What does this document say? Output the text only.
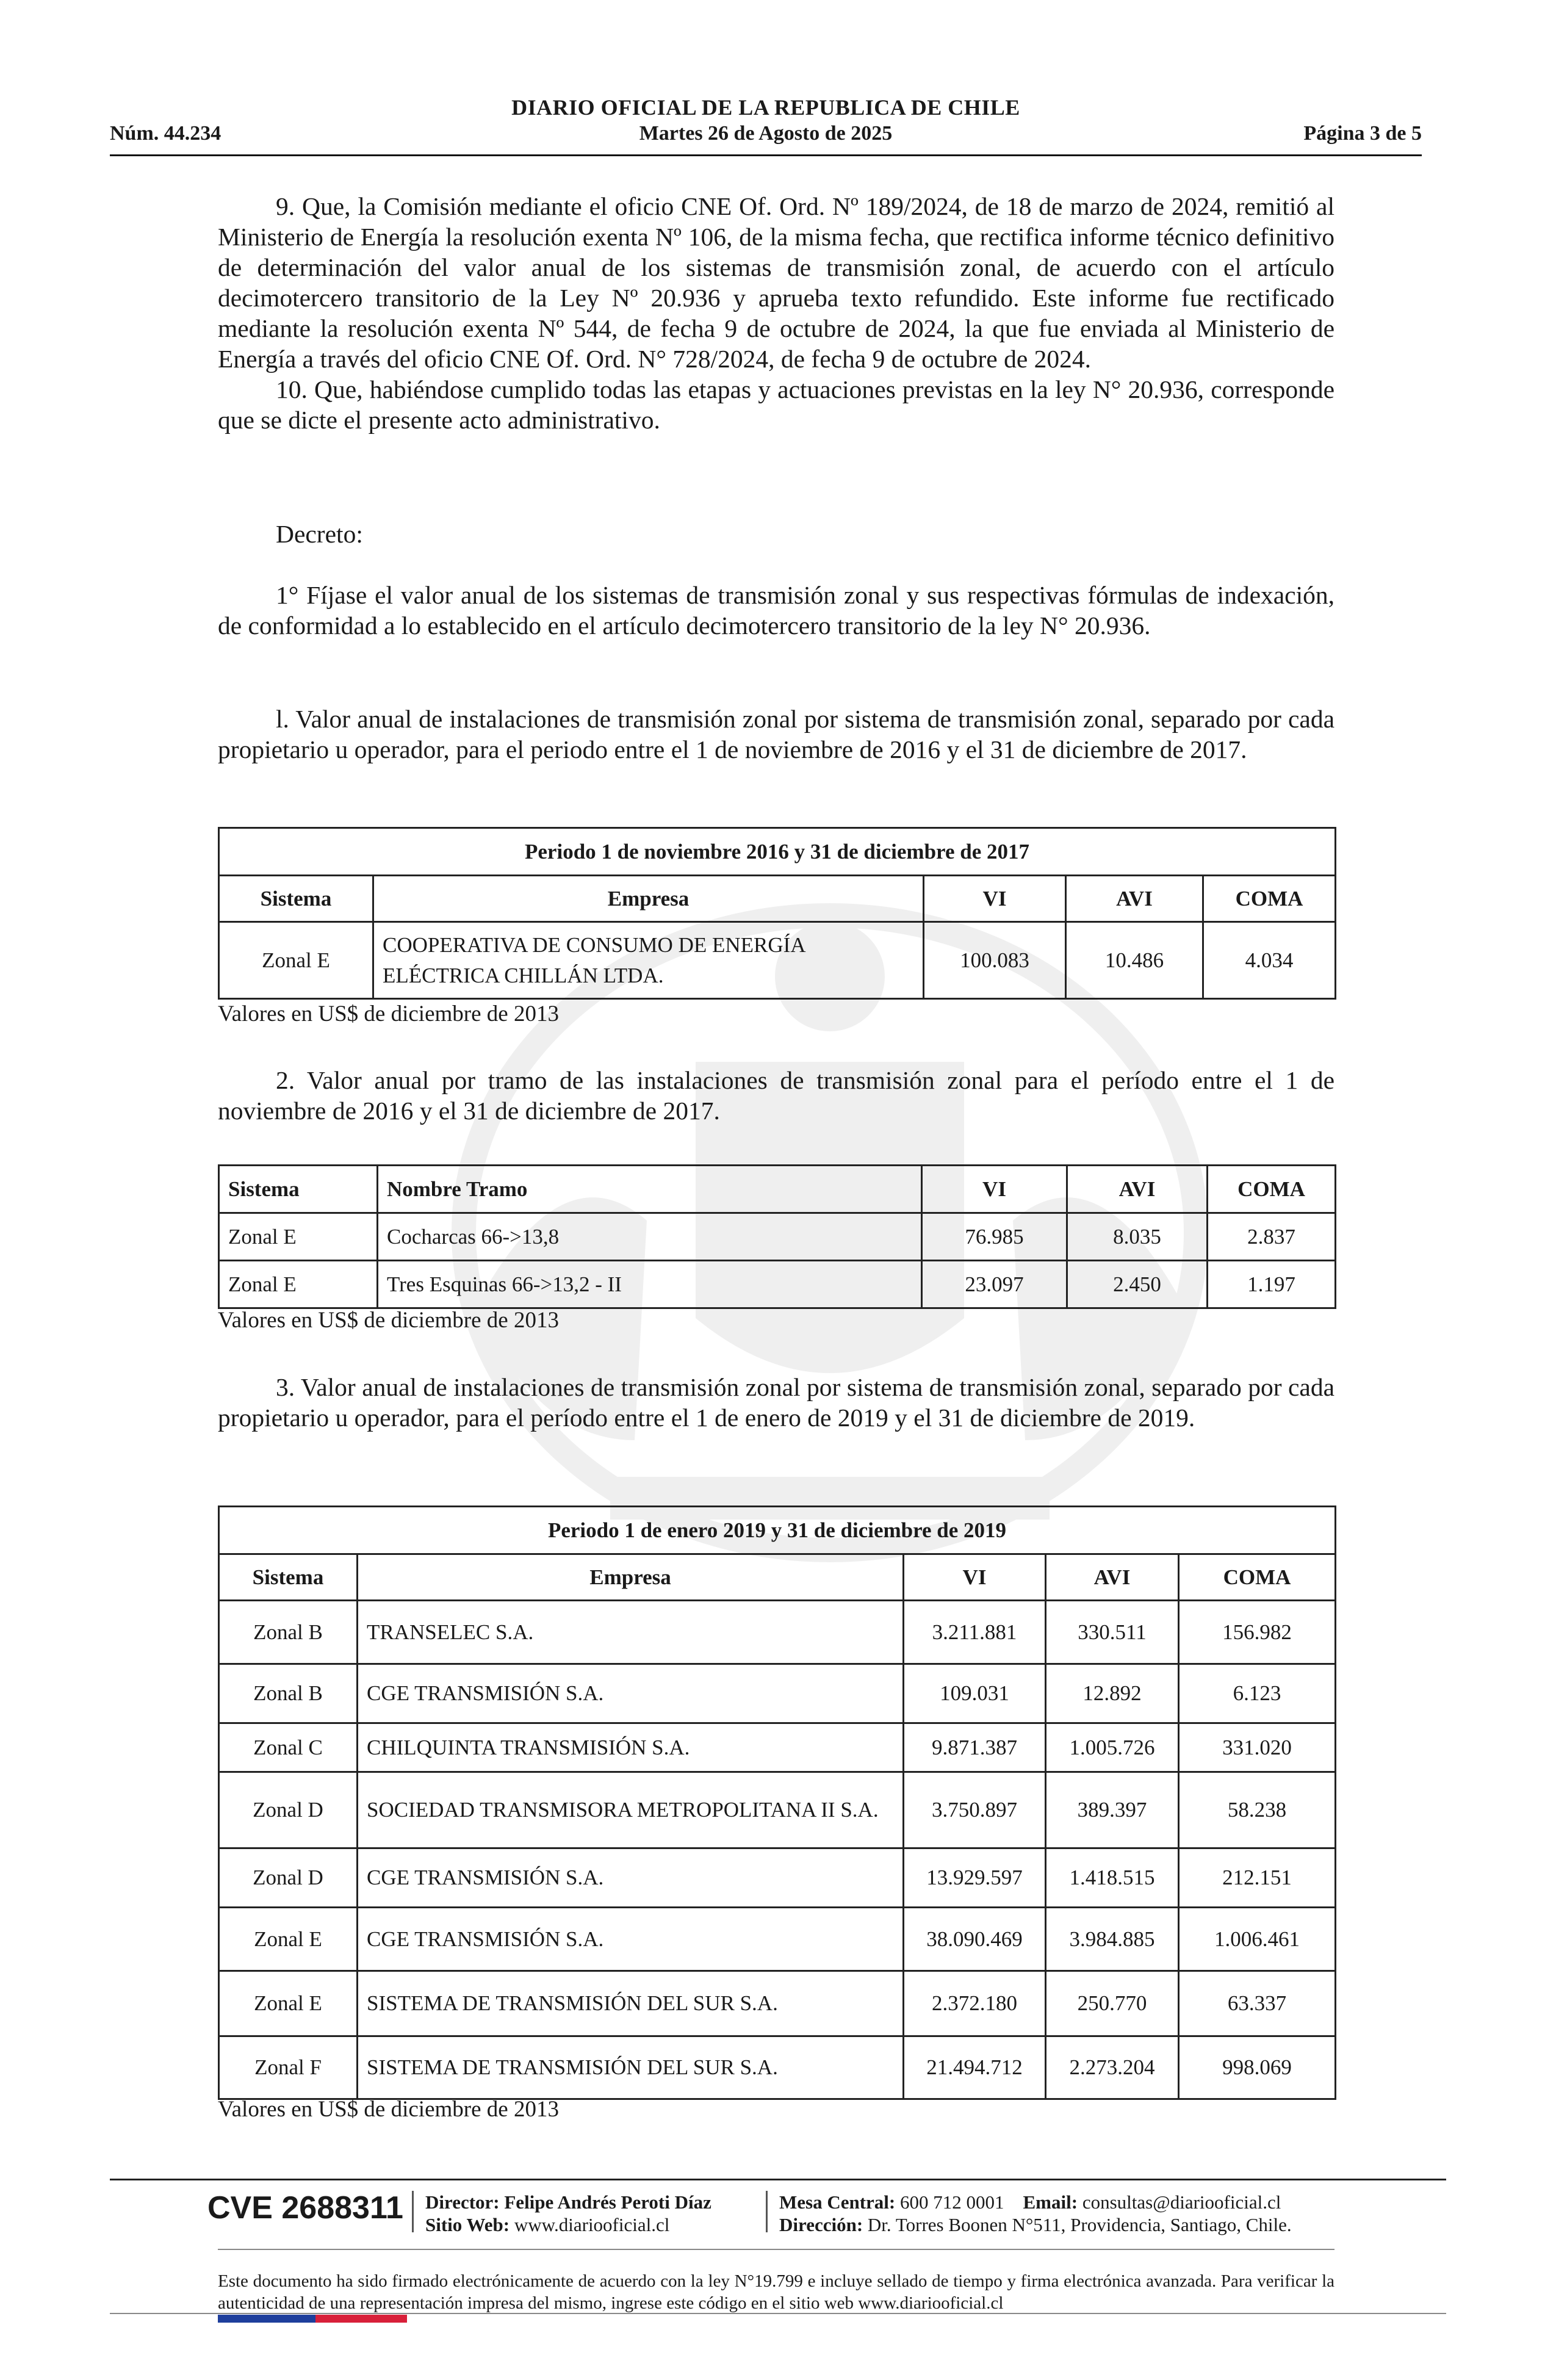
DIARIO OFICIAL DE LA REPUBLICA DE CHILE
Núm. 44.234	Martes 26 de Agosto de 2025	Página 3 de 5

9. Que, la Comisión mediante el oficio CNE Of. Ord. Nº 189/2024, de 18 de marzo de 2024, remitió al Ministerio de Energía la resolución exenta Nº 106, de la misma fecha, que rectifica informe técnico definitivo de determinación del valor anual de los sistemas de transmisión zonal, de acuerdo con el artículo decimotercero transitorio de la Ley Nº 20.936 y aprueba texto refundido. Este informe fue rectificado mediante la resolución exenta Nº 544, de fecha 9 de octubre de 2024, la que fue enviada al Ministerio de Energía a través del oficio CNE Of. Ord. N° 728/2024, de fecha 9 de octubre de 2024.

10. Que, habiéndose cumplido todas las etapas y actuaciones previstas en la ley N° 20.936, corresponde que se dicte el presente acto administrativo.

Decreto:

1° Fíjase el valor anual de los sistemas de transmisión zonal y sus respectivas fórmulas de indexación, de conformidad a lo establecido en el artículo decimotercero transitorio de la ley N° 20.936.

l. Valor anual de instalaciones de transmisión zonal por sistema de transmisión zonal, separado por cada propietario u operador, para el periodo entre el 1 de noviembre de 2016 y el 31 de diciembre de 2017.

Periodo 1 de noviembre 2016 y 31 de diciembre de 2017				
Sistema	Empresa	VI	AVI	COMA
Zonal E	COOPERATIVA DE CONSUMO DE ENERGÍA ELÉCTRICA CHILLÁN LTDA.	100.083	10.486	4.034
Valores en US$ de diciembre de 2013

2. Valor anual por tramo de las instalaciones de transmisión zonal para el período entre el 1 de noviembre de 2016 y el 31 de diciembre de 2017.

Sistema	Nombre Tramo	VI	AVI	COMA
Zonal E	Cocharcas 66->13,8	76.985	8.035	2.837
Zonal E	Tres Esquinas 66->13,2 - II	23.097	2.450	1.197
Valores en US$ de diciembre de 2013

3. Valor anual de instalaciones de transmisión zonal por sistema de transmisión zonal, separado por cada propietario u operador, para el período entre el 1 de enero de 2019 y el 31 de diciembre de 2019.

Periodo 1 de enero 2019 y 31 de diciembre de 2019				
Sistema	Empresa	VI	AVI	COMA
Zonal B	TRANSELEC S.A.	3.211.881	330.511	156.982
Zonal B	CGE TRANSMISIÓN S.A.	109.031	12.892	6.123
Zonal C	CHILQUINTA TRANSMISIÓN S.A.	9.871.387	1.005.726	331.020
Zonal D	SOCIEDAD TRANSMISORA METROPOLITANA II S.A.	3.750.897	389.397	58.238
Zonal D	CGE TRANSMISIÓN S.A.	13.929.597	1.418.515	212.151
Zonal E	CGE TRANSMISIÓN S.A.	38.090.469	3.984.885	1.006.461
Zonal E	SISTEMA DE TRANSMISIÓN DEL SUR S.A.	2.372.180	250.770	63.337
Zonal F	SISTEMA DE TRANSMISIÓN DEL SUR S.A.	21.494.712	2.273.204	998.069
Valores en US$ de diciembre de 2013
CVE 2688311 Director: Felipe Andrés Peroti Díaz
Sitio Web: www.diariooficial.cl
Mesa Central: 600 712 0001 Email: consultas@diariooficial.cl
Dirección: Dr. Torres Boonen N°511, Providencia, Santiago, Chile.
Este documento ha sido firmado electrónicamente de acuerdo con la ley N°19.799 e incluye sellado de tiempo y firma electrónica avanzada. Para verificar la autenticidad de una representación impresa del mismo, ingrese este código en el sitio web www.diariooficial.cl
